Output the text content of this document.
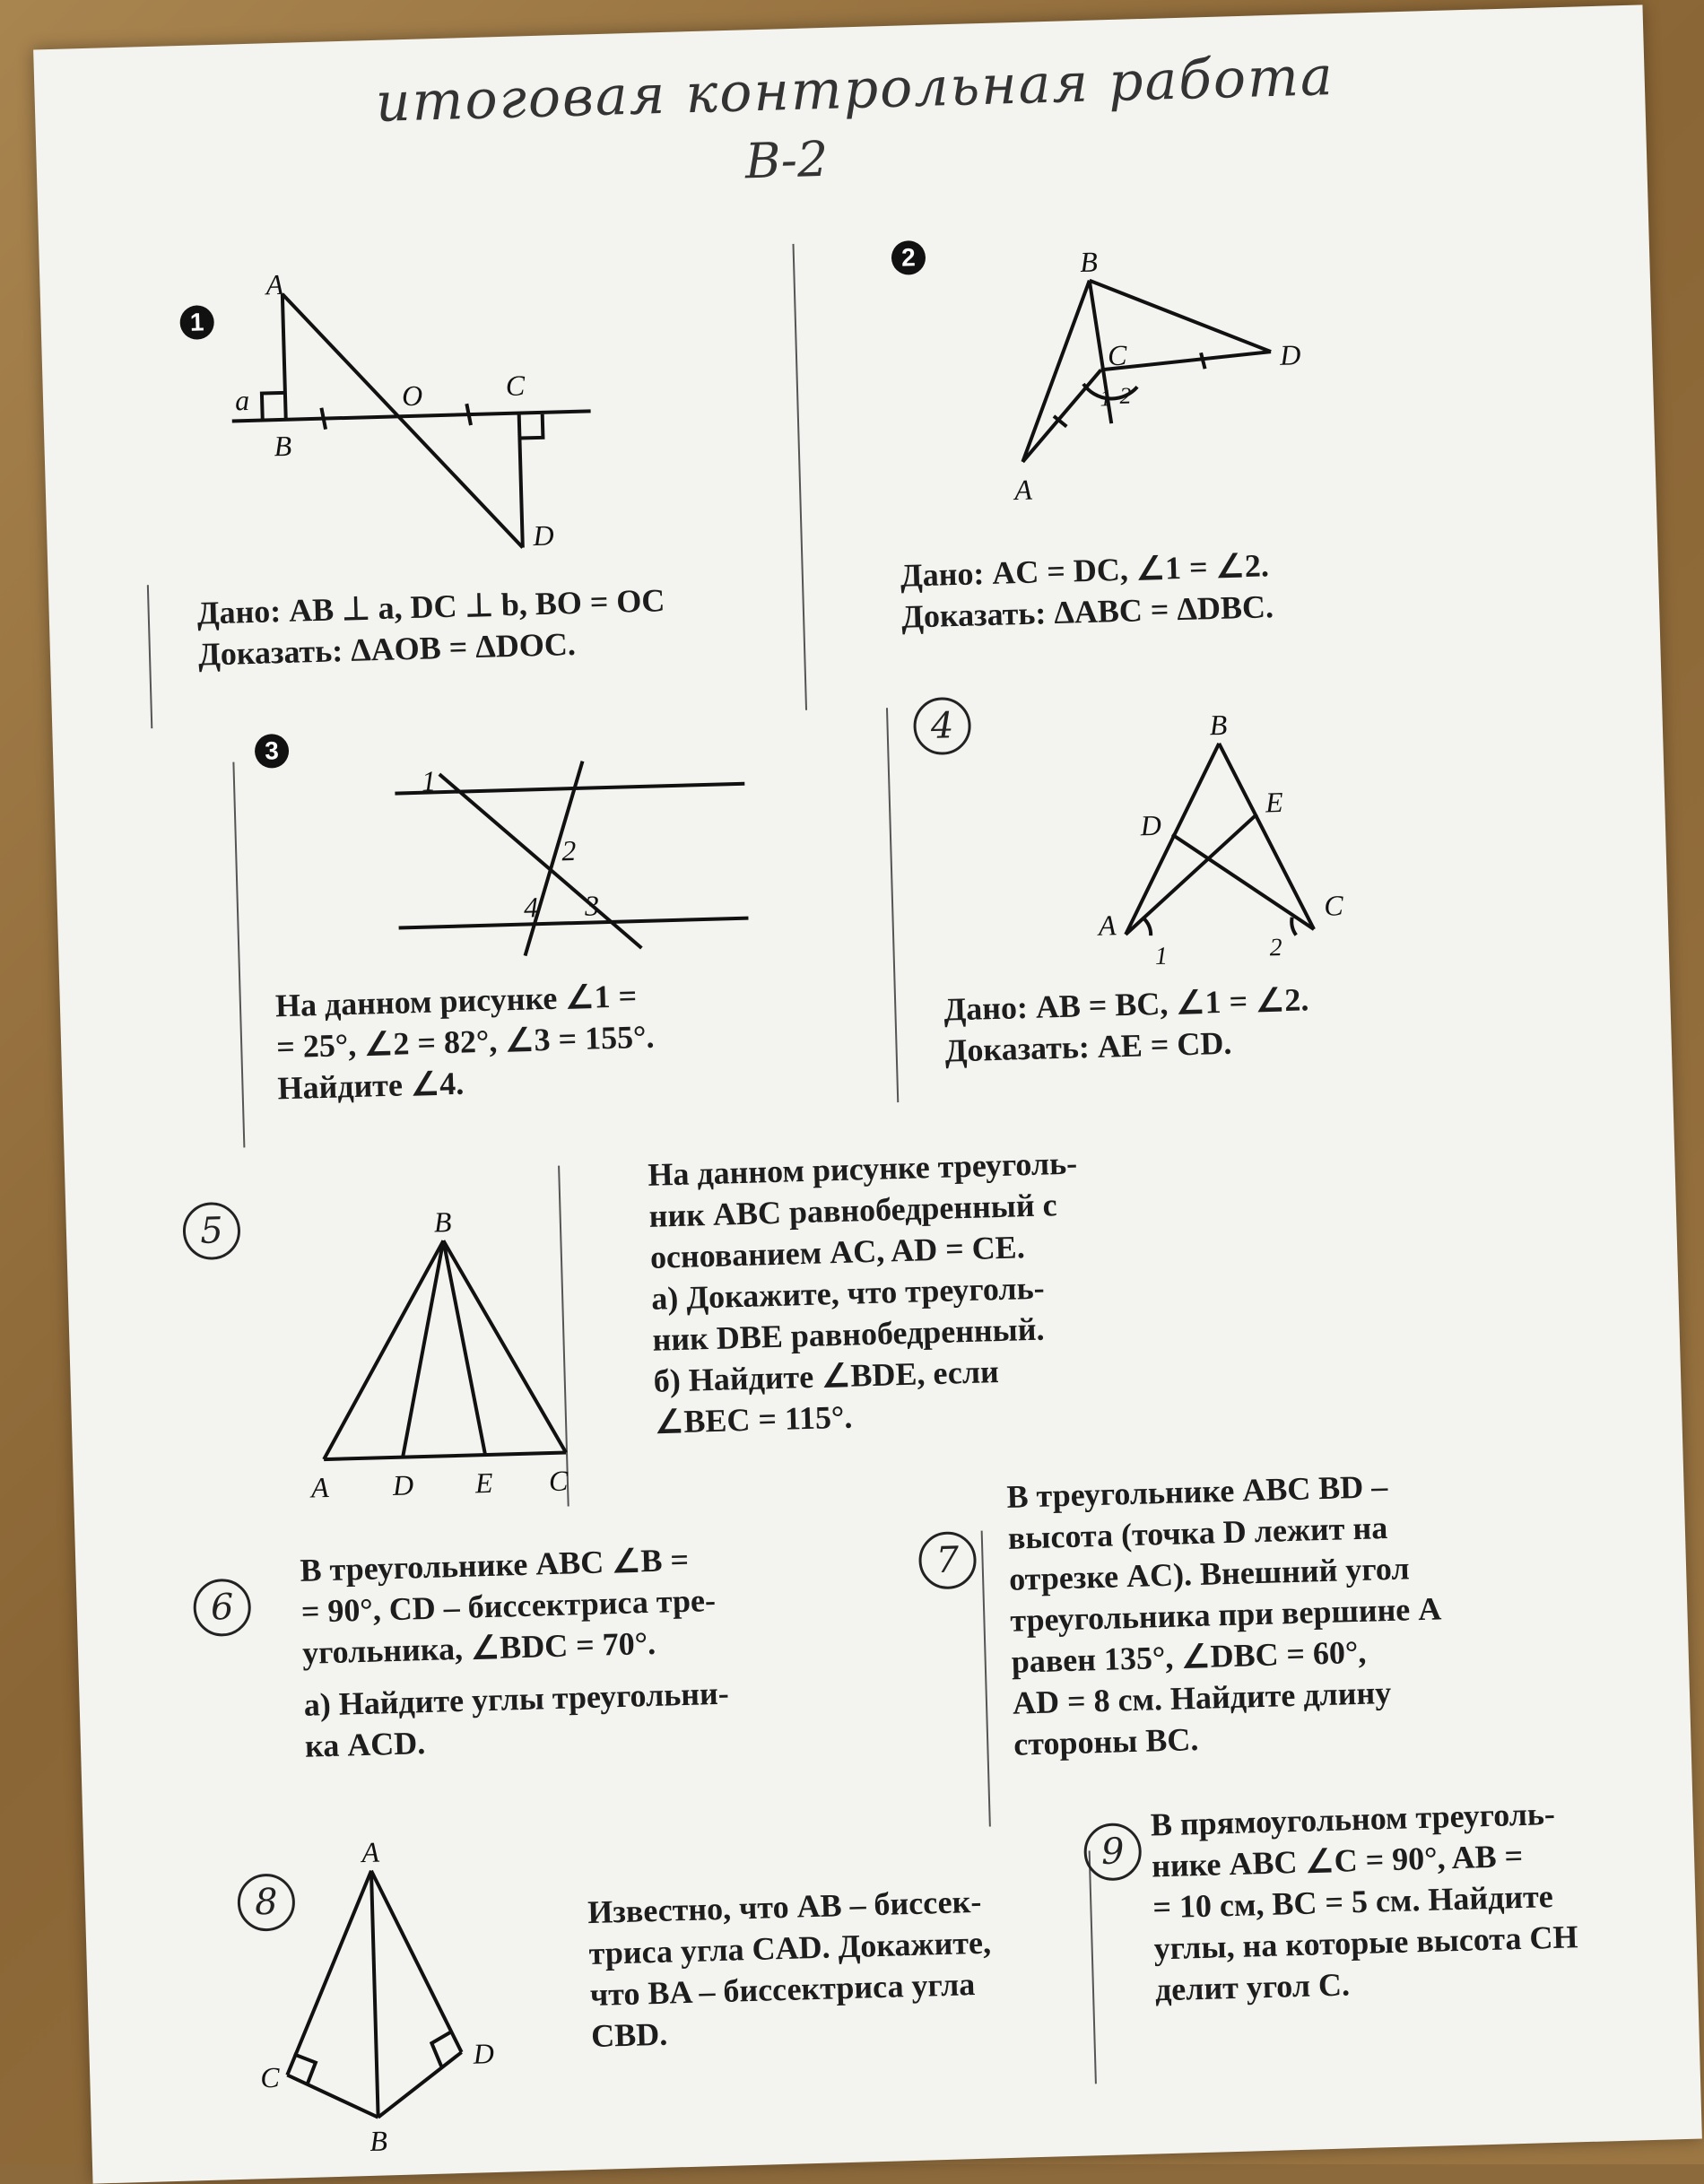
итоговая контрольная работа
В-2
1
A
a
B
O	C
D

Дано: AB ⊥ a, DC ⊥ b, BO = OC

Доказать: ΔAOB = ΔDOC.

2	B
C	D
A
1 2

Дано: AC = DC, ∠1 = ∠2.

Доказать: ΔABC = ΔDBC.

3
1
2
3
4

На данном рисунке ∠1 =

= 25°, ∠2 = 82°, ∠3 = 155°.

Найдите ∠4.

4	B
D
E
A
C
1	2

Дано: AB = BC, ∠1 = ∠2.

Доказать: AE = CD.

5	B
A D E C

На данном рисунке треуголь-

ник ABC равнобедренный с

основанием AC, AD = CE.

а) Докажите, что треуголь-

ник DBE равнобедренный.

б) Найдите ∠BDE, если

∠BEC = 115°.

6

В треугольнике ABC ∠B =

= 90°, CD – биссектриса тре-

угольника, ∠BDC = 70°.

а) Найдите углы треугольни-

ка ACD.

7

В треугольнике ABC BD –

высота (точка D лежит на

отрезке AC). Внешний угол

треугольника при вершине A

равен 135°, ∠DBC = 60°,

AD = 8 см. Найдите длину

стороны BC.

8
A
C
D
B

Известно, что AB – биссек-

триса угла CAD. Докажите,

что BA – биссектриса угла

CBD.

9

В прямоугольном треуголь-

нике ABC ∠C = 90°, AB =

= 10 см, BC = 5 см. Найдите

углы, на которые высота CH

делит угол C.
